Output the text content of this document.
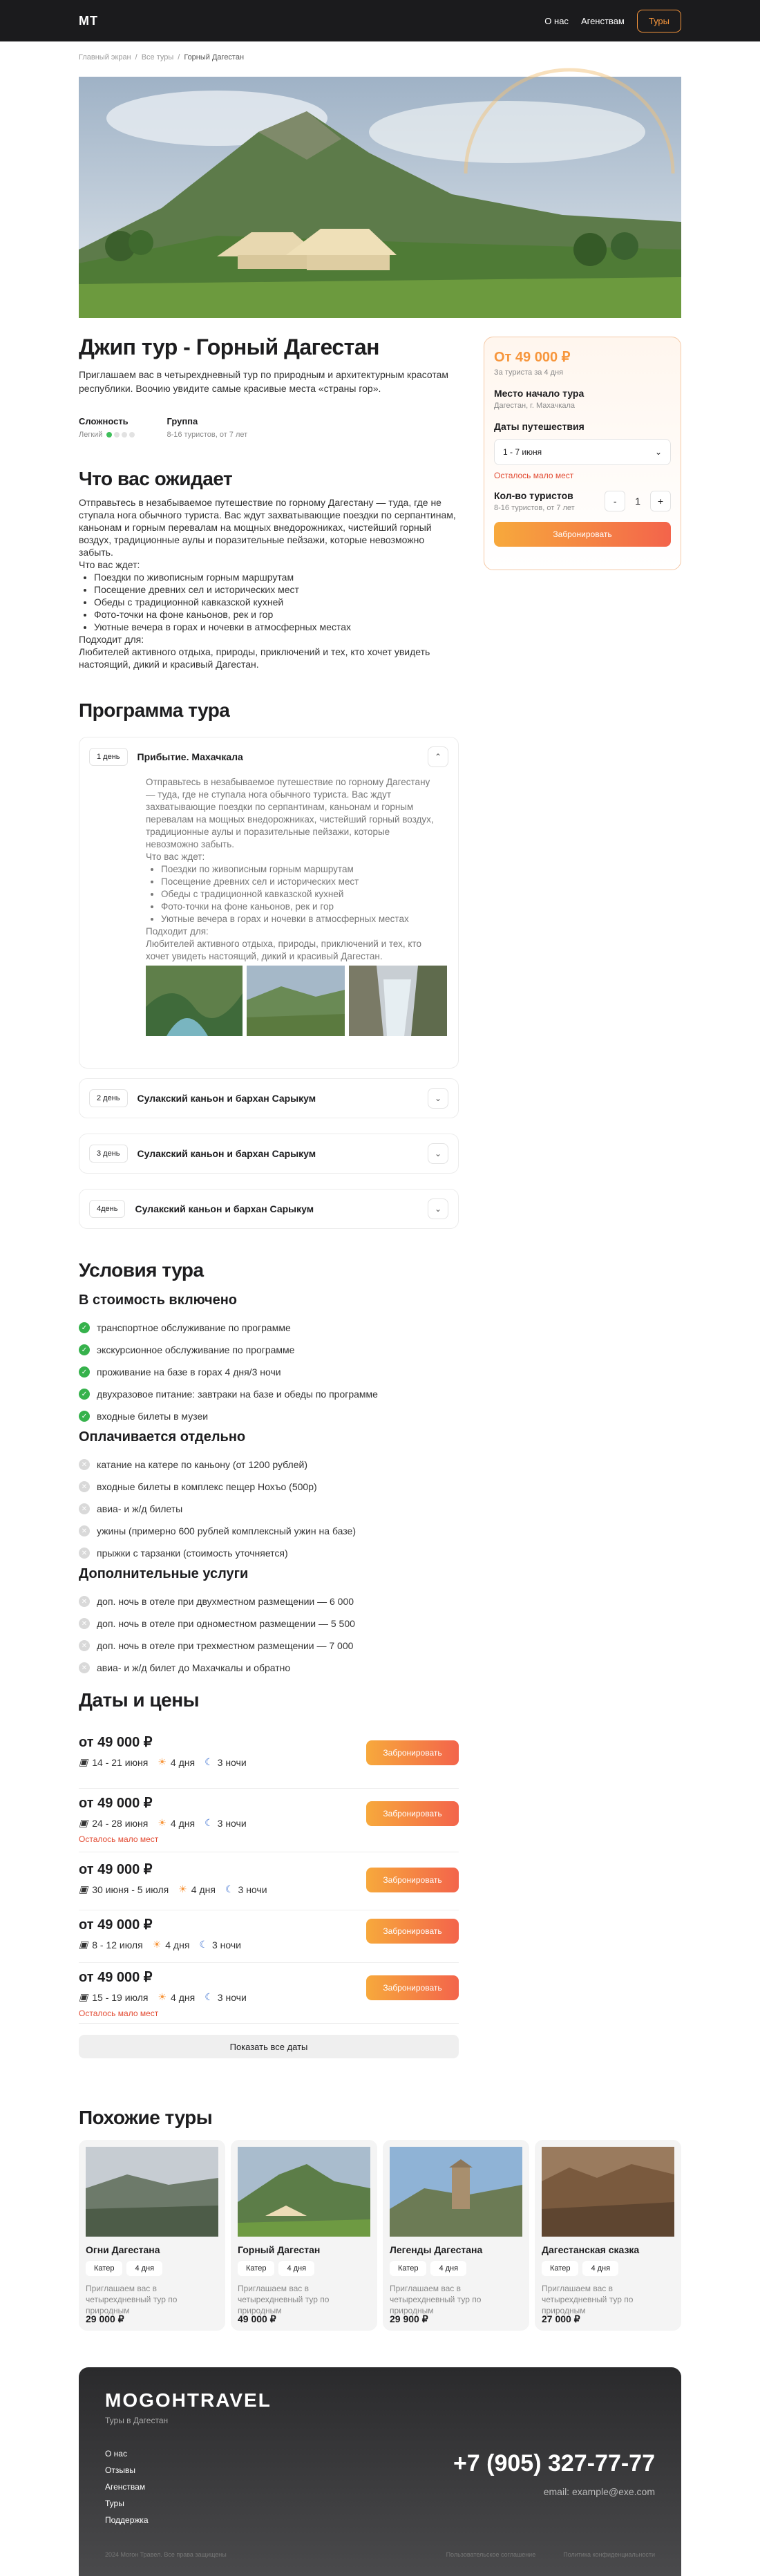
MT	О нас Агенствам	Туры
Главный экран / Все туры / Горный Дагестан
Джип тур - Горный Дагестан

Приглашаем вас в четырехдневный тур по природным и архитектурным красотам республики. Воочию увидите самые красивые места «страны гор».

Сложность
Легкий
Группа
8-16 туристов, от 7 лет
Что вас ожидает

Отправьтесь в незабываемое путешествие по горному Дагестану — туда, где не ступала нога обычного туриста. Вас ждут захватывающие поездки по серпантинам, каньонам и горным перевалам на мощных внедорожниках, чистейший горный воздух, традиционные аулы и поразительные пейзажи, которые невозможно забыть.

Что вас ждет:

• Поездки по живописным горным маршрутам
• Посещение древних сел и исторических мест
• Обеды с традиционной кавказской кухней
• Фото-точки на фоне каньонов, рек и гор
• Уютные вечера в горах и ночевки в атмосферных местах

Подходит для:

Любителей активного отдыха, природы, приключений и тех, кто хочет увидеть настоящий, дикий и красивый Дагестан.

От 49 000 ₽
За туриста за 4 дня
Место начало тура
Дагестан, г. Махачкала
Даты путешествия
1 - 7 июня	⌄
Осталось мало мест
Кол-во туристов
8-16 туристов, от 7 лет
-	1	+
Забронировать
Программа тура
1 день	Прибытие. Махачкала	⌃

Отправьтесь в незабываемое путешествие по горному Дагестану — туда, где не ступала нога обычного туриста. Вас ждут захватывающие поездки по серпантинам, каньонам и горным перевалам на мощных внедорожниках, чистейший горный воздух, традиционные аулы и поразительные пейзажи, которые невозможно забыть.

Что вас ждет:

• Поездки по живописным горным маршрутам
• Посещение древних сел и исторических мест
• Обеды с традиционной кавказской кухней
• Фото-точки на фоне каньонов, рек и гор
• Уютные вечера в горах и ночевки в атмосферных местах

Подходит для:

Любителей активного отдыха, природы, приключений и тех, кто хочет увидеть настоящий, дикий и красивый Дагестан.

2 день	Сулакский каньон и бархан Сарыкум	⌄
3 день	Сулакский каньон и бархан Сарыкум	⌄
4день	Сулакский каньон и бархан Сарыкум	⌄
Условия тура
В стоимость включено
✓ транспортное обслуживание по программе
✓ экскурсионное обслуживание по программе
✓ проживание на базе в горах 4 дня/3 ночи
✓ двухразовое питание: завтраки на базе и обеды по программе
✓ входные билеты в музеи
Оплачивается отдельно
✕ катание на катере по каньону (от 1200 рублей)
✕ входные билеты в комплекс пещер Нохъо (500р)
✕ авиа- и ж/д билеты
✕ ужины (примерно 600 рублей комплексный ужин на базе)
✕ прыжки с тарзанки (стоимость уточняется)
Дополнительные услуги
✕ доп. ночь в отеле при двухместном размещении — 6 000
✕ доп. ночь в отеле при одноместном размещении — 5 500
✕ доп. ночь в отеле при трехместном размещении — 7 000
✕ авиа- и ж/д билет до Махачкалы и обратно
Даты и цены
от 49 000 ₽
▣ 14 - 21 июня ☀ 4 дня ☾ 3 ночи
Забронировать
от 49 000 ₽
▣ 24 - 28 июня ☀ 4 дня ☾ 3 ночи
Осталось мало мест
Забронировать
от 49 000 ₽
▣ 30 июня - 5 июля ☀ 4 дня ☾ 3 ночи
Забронировать
от 49 000 ₽
▣ 8 - 12 июля ☀ 4 дня ☾ 3 ночи
Забронировать
от 49 000 ₽
▣ 15 - 19 июля ☀ 4 дня ☾ 3 ночи
Осталось мало мест
Забронировать
Показать все даты
Похожие туры
Огни Дагестана
Катер	4 дня
Приглашаем вас в четырехдневный тур по природным
29 000 ₽
Горный Дагестан
Катер	4 дня
Приглашаем вас в четырехдневный тур по природным
49 000 ₽
Легенды Дагестана
Катер	4 дня
Приглашаем вас в четырехдневный тур по природным
29 900 ₽
Дагестанская сказка
Катер	4 дня
Приглашаем вас в четырехдневный тур по природным
27 000 ₽
MOGOHTRAVEL
Туры в Дагестан
О нас
Отзывы
Агенствам
Туры
Поддержка
+7 (905) 327-77-77
email: example@exe.com
2024 Могон Травел. Все права защищены	Пользовательское соглашение	Политика конфиденциальности
